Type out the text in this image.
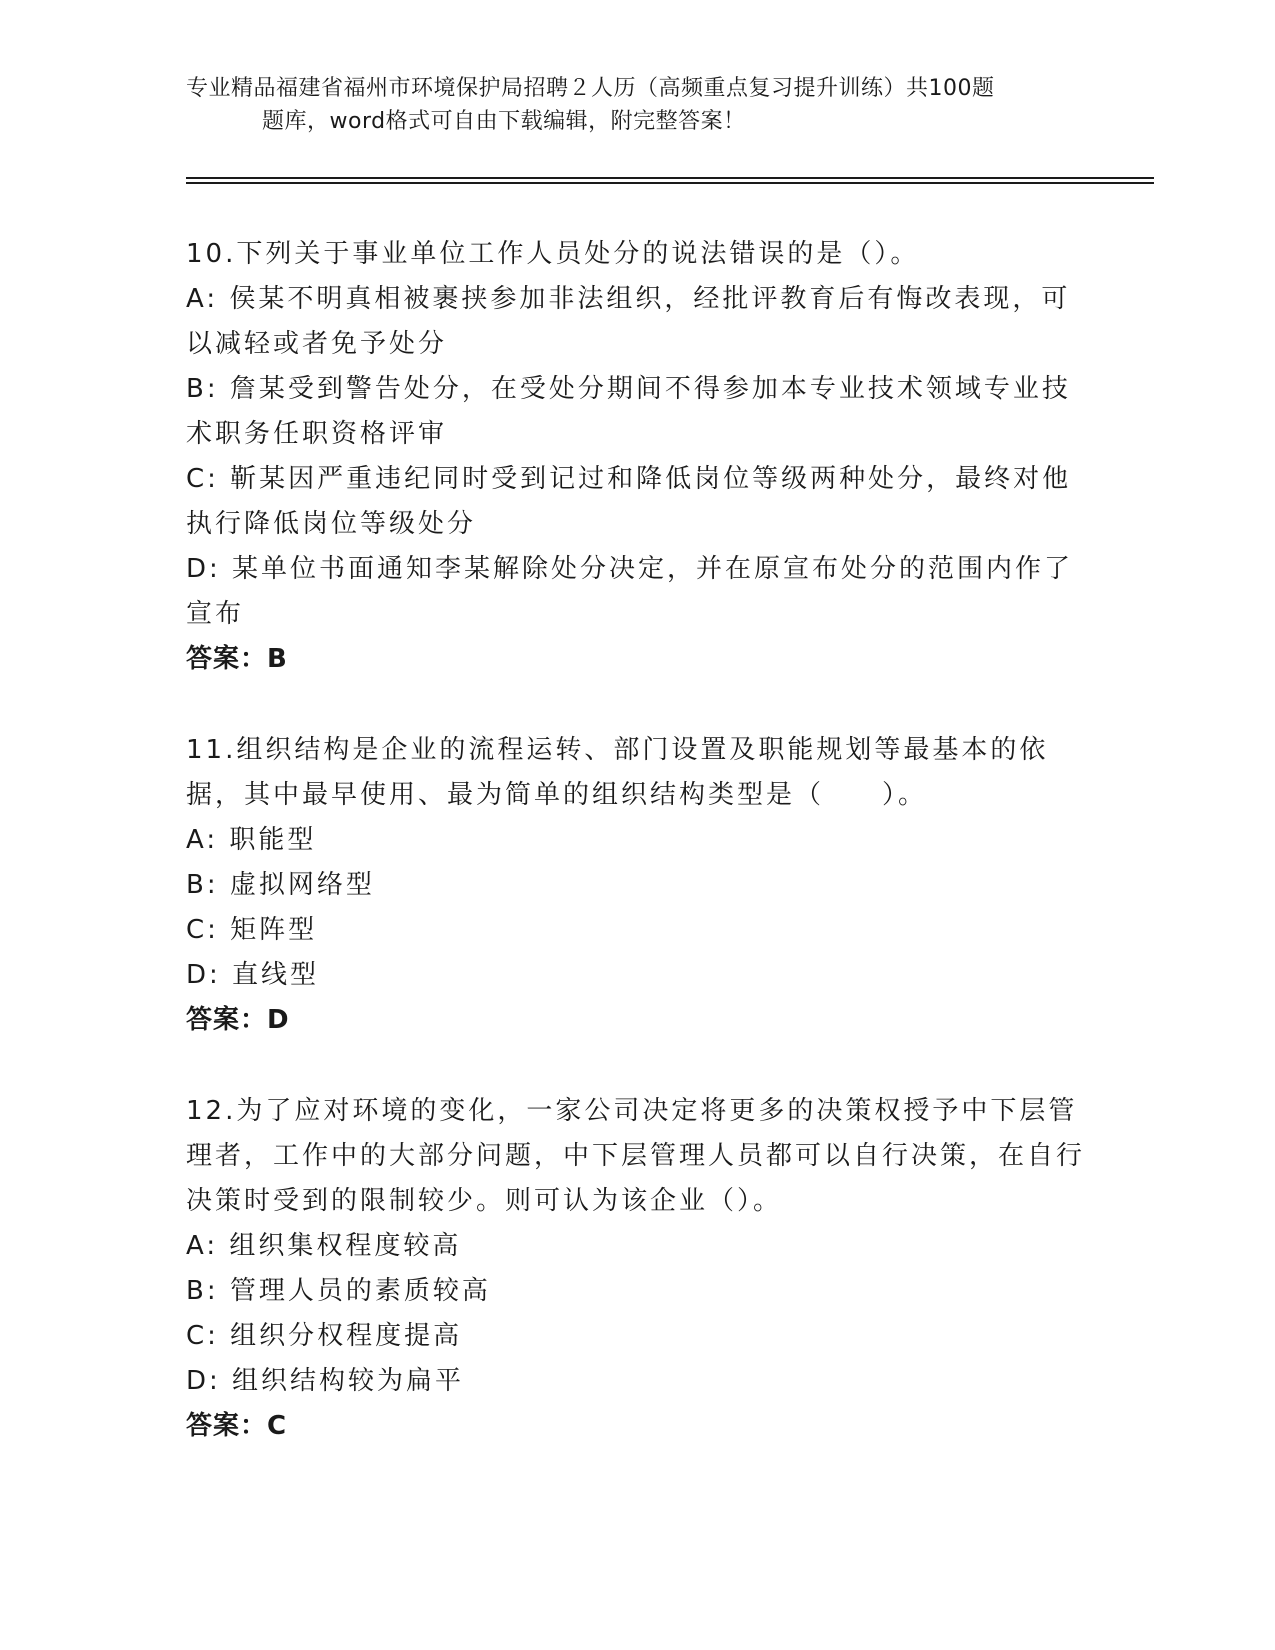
专业精品福建省福州市环境保护局招聘２人历（高频重点复习提升训练）共100题
题库，word格式可自由下载编辑，附完整答案！

10.下列关于事业单位工作人员处分的说法错误的是（）。

A: 侯某不明真相被裹挟参加非法组织，经批评教育后有悔改表现，可以减轻或者免予处分

B: 詹某受到警告处分，在受处分期间不得参加本专业技术领域专业技术职务任职资格评审

C: 靳某因严重违纪同时受到记过和降低岗位等级两种处分，最终对他执行降低岗位等级处分

D: 某单位书面通知李某解除处分决定，并在原宣布处分的范围内作了宣布

答案：B

11.组织结构是企业的流程运转、部门设置及职能规划等最基本的依据，其中最早使用、最为简单的组织结构类型是（　　）。

A: 职能型

B: 虚拟网络型

C: 矩阵型

D: 直线型

答案：D

12.为了应对环境的变化，一家公司决定将更多的决策权授予中下层管理者，工作中的大部分问题，中下层管理人员都可以自行决策，在自行决策时受到的限制较少。则可认为该企业（）。

A: 组织集权程度较高

B: 管理人员的素质较高

C: 组织分权程度提高

D: 组织结构较为扁平

答案：C
